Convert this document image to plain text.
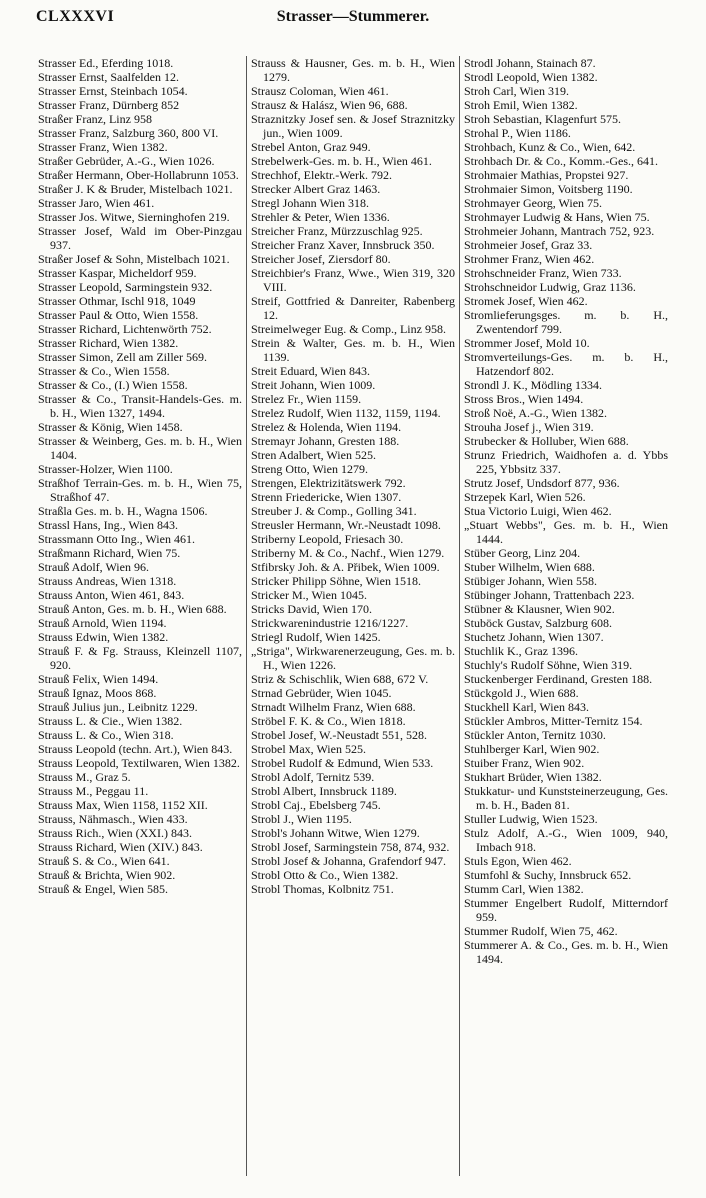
CLXXXVI	Strasser—Stummerer.
Strasser Ed., Eferding 1018.
Strasser Ernst, Saalfelden 12.
Strasser Ernst, Steinbach 1054.
Strasser Franz, Dürnberg 852
Straßer Franz, Linz 958
Strasser Franz, Salzburg 360, 800 VI.
Strasser Franz, Wien 1382.
Straßer Gebrüder, A.-G., Wien 1026.
Straßer Hermann, Ober-Hollabrunn 1053.
Straßer J. K & Bruder, Mistelbach 1021.
Strasser Jaro, Wien 461.
Strasser Jos. Witwe, Sierninghofen 219.
Strasser Josef, Wald im Ober-Pinzgau 937.
Straßer Josef & Sohn, Mistelbach 1021.
Strasser Kaspar, Micheldorf 959.
Strasser Leopold, Sarmingstein 932.
Strasser Othmar, Ischl 918, 1049
Strasser Paul & Otto, Wien 1558.
Strasser Richard, Lichtenwörth 752.
Strasser Richard, Wien 1382.
Strasser Simon, Zell am Ziller 569.
Strasser & Co., Wien 1558.
Strasser & Co., (I.) Wien 1558.
Strasser & Co., Transit-Handels-Ges. m. b. H., Wien 1327, 1494.
Strasser & König, Wien 1458.
Strasser & Weinberg, Ges. m. b. H., Wien 1404.
Strasser-Holzer, Wien 1100.
Straßhof Terrain-Ges. m. b. H., Wien 75, Straßhof 47.
Straßla Ges. m. b. H., Wagna 1506.
Strassl Hans, Ing., Wien 843.
Strassmann Otto Ing., Wien 461.
Straßmann Richard, Wien 75.
Strauß Adolf, Wien 96.
Strauss Andreas, Wien 1318.
Strauss Anton, Wien 461, 843.
Strauß Anton, Ges. m. b. H., Wien 688.
Strauß Arnold, Wien 1194.
Strauss Edwin, Wien 1382.
Strauß F. & Fg. Strauss, Kleinzell 1107, 920.
Strauß Felix, Wien 1494.
Strauß Ignaz, Moos 868.
Strauß Julius jun., Leibnitz 1229.
Strauss L. & Cie., Wien 1382.
Strauss L. & Co., Wien 318.
Strauss Leopold (techn. Art.), Wien 843.
Strauss Leopold, Textilwaren, Wien 1382.
Strauss M., Graz 5.
Strauss M., Peggau 11.
Strauss Max, Wien 1158, 1152 XII.
Strauss, Nähmasch., Wien 433.
Strauss Rich., Wien (XXI.) 843.
Strauss Richard, Wien (XIV.) 843.
Strauß S. & Co., Wien 641.
Strauß & Brichta, Wien 902.
Strauß & Engel, Wien 585.
Strauss & Hausner, Ges. m. b. H., Wien 1279.
Strausz Coloman, Wien 461.
Strausz & Halász, Wien 96, 688.
Straznitzky Josef sen. & Josef Straznitzky jun., Wien 1009.
Strebel Anton, Graz 949.
Strebelwerk-Ges. m. b. H., Wien 461.
Strechhof, Elektr.-Werk. 792.
Strecker Albert Graz 1463.
Stregl Johann Wien 318.
Strehler & Peter, Wien 1336.
Streicher Franz, Mürzzuschlag 925.
Streicher Franz Xaver, Innsbruck 350.
Streicher Josef, Ziersdorf 80.
Streichbier's Franz, Wwe., Wien 319, 320 VIII.
Streif, Gottfried & Danreiter, Rabenberg 12.
Streimelweger Eug. & Comp., Linz 958.
Strein & Walter, Ges. m. b. H., Wien 1139.
Streit Eduard, Wien 843.
Streit Johann, Wien 1009.
Strelez Fr., Wien 1159.
Strelez Rudolf, Wien 1132, 1159, 1194.
Strelez & Holenda, Wien 1194.
Stremayr Johann, Gresten 188.
Stren Adalbert, Wien 525.
Streng Otto, Wien 1279.
Strengen, Elektrizitätswerk 792.
Strenn Friedericke, Wien 1307.
Streuber J. & Comp., Golling 341.
Streusler Hermann, Wr.-Neustadt 1098.
Striberny Leopold, Friesach 30.
Striberny M. & Co., Nachf., Wien 1279.
Stfibrsky Joh. & A. Přibek, Wien 1009.
Stricker Philipp Söhne, Wien 1518.
Stricker M., Wien 1045.
Stricks David, Wien 170.
Strickwarenindustrie 1216/1227.
Striegl Rudolf, Wien 1425.
„Striga", Wirkwarenerzeugung, Ges. m. b. H., Wien 1226.
Striz & Schischlik, Wien 688, 672 V.
Strnad Gebrüder, Wien 1045.
Strnadt Wilhelm Franz, Wien 688.
Ströbel F. K. & Co., Wien 1818.
Strobel Josef, W.-Neustadt 551, 528.
Strobel Max, Wien 525.
Strobel Rudolf & Edmund, Wien 533.
Strobl Adolf, Ternitz 539.
Strobl Albert, Innsbruck 1189.
Strobl Caj., Ebelsberg 745.
Strobl J., Wien 1195.
Strobl's Johann Witwe, Wien 1279.
Strobl Josef, Sarmingstein 758, 874, 932.
Strobl Josef & Johanna, Grafendorf 947.
Strobl Otto & Co., Wien 1382.
Strobl Thomas, Kolbnitz 751.
Strodl Johann, Stainach 87.
Strodl Leopold, Wien 1382.
Stroh Carl, Wien 319.
Stroh Emil, Wien 1382.
Stroh Sebastian, Klagenfurt 575.
Strohal P., Wien 1186.
Strohbach, Kunz & Co., Wien, 642.
Strohbach Dr. & Co., Komm.-Ges., 641.
Strohmaier Mathias, Propstei 927.
Strohmaier Simon, Voitsberg 1190.
Strohmayer Georg, Wien 75.
Strohmayer Ludwig & Hans, Wien 75.
Strohmeier Johann, Mantrach 752, 923.
Strohmeier Josef, Graz 33.
Strohmer Franz, Wien 462.
Strohschneider Franz, Wien 733.
Strohschneidor Ludwig, Graz 1136.
Stromek Josef, Wien 462.
Stromlieferungsges. m. b. H., Zwentendorf 799.
Strommer Josef, Mold 10.
Stromverteilungs-Ges. m. b. H., Hatzendorf 802.
Strondl J. K., Mödling 1334.
Stross Bros., Wien 1494.
Stroß Noë, A.-G., Wien 1382.
Strouha Josef j., Wien 319.
Strubecker & Holluber, Wien 688.
Strunz Friedrich, Waidhofen a. d. Ybbs 225, Ybbsitz 337.
Strutz Josef, Undsdorf 877, 936.
Strzepek Karl, Wien 526.
Stua Victorio Luigi, Wien 462.
„Stuart Webbs", Ges. m. b. H., Wien 1444.
Stüber Georg, Linz 204.
Stuber Wilhelm, Wien 688.
Stübiger Johann, Wien 558.
Stübinger Johann, Trattenbach 223.
Stübner & Klausner, Wien 902.
Stuböck Gustav, Salzburg 608.
Stuchetz Johann, Wien 1307.
Stuchlik K., Graz 1396.
Stuchly's Rudolf Söhne, Wien 319.
Stuckenberger Ferdinand, Gresten 188.
Stückgold J., Wien 688.
Stuckhell Karl, Wien 843.
Stückler Ambros, Mitter-Ternitz 154.
Stückler Anton, Ternitz 1030.
Stuhlberger Karl, Wien 902.
Stuiber Franz, Wien 902.
Stukhart Brüder, Wien 1382.
Stukkatur- und Kunststeinerzeugung, Ges. m. b. H., Baden 81.
Stuller Ludwig, Wien 1523.
Stulz Adolf, A.-G., Wien 1009, 940, Imbach 918.
Stuls Egon, Wien 462.
Stumfohl & Suchy, Innsbruck 652.
Stumm Carl, Wien 1382.
Stummer Engelbert Rudolf, Mitterndorf 959.
Stummer Rudolf, Wien 75, 462.
Stummerer A. & Co., Ges. m. b. H., Wien 1494.
